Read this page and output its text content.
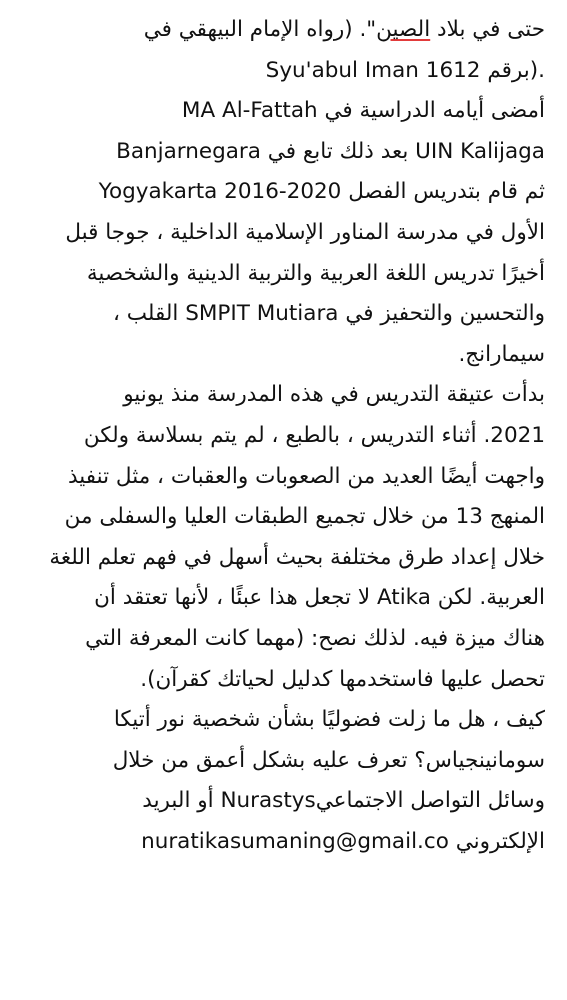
حتى في بلاد الصين". (رواه الإمام البيهقي في
Syu'abul Iman برقم 1612).
أمضى أيامه الدراسية في MA Al-Fattah
Banjarnegara بعد ذلك تابع في UIN Kalijaga
Yogyakarta 2016-2020 ثم قام بتدريس الفصل
الأول في مدرسة المناور الإسلامية الداخلية ، جوجا قبل
أخيرًا تدريس اللغة العربية والتربية الدينية والشخصية
والتحسين والتحفيز في SMPIT Mutiara القلب ،
سيمارانج.
بدأت عتيقة التدريس في هذه المدرسة منذ يونيو
2021. أثناء التدريس ، بالطبع ، لم يتم بسلاسة ولكن
واجهت أيضًا العديد من الصعوبات والعقبات ، مثل تنفيذ
المنهج 13 من خلال تجميع الطبقات العليا والسفلى من
خلال إعداد طرق مختلفة بحيث أسهل في فهم تعلم اللغة
العربية. لكن Atika لا تجعل هذا عبئًا ، لأنها تعتقد أن
هناك ميزة فيه. لذلك نصح: (مهما كانت المعرفة التي
تحصل عليها فاستخدمها كدليل لحياتك كقرآن).
كيف ، هل ما زلت فضوليًا بشأن شخصية نور أتيكا
سومانينجياس؟ تعرف عليه بشكل أعمق من خلال
وسائل التواصل الاجتماعيNurastys أو البريد
الإلكتروني nuratikasumaning@gmail.co
